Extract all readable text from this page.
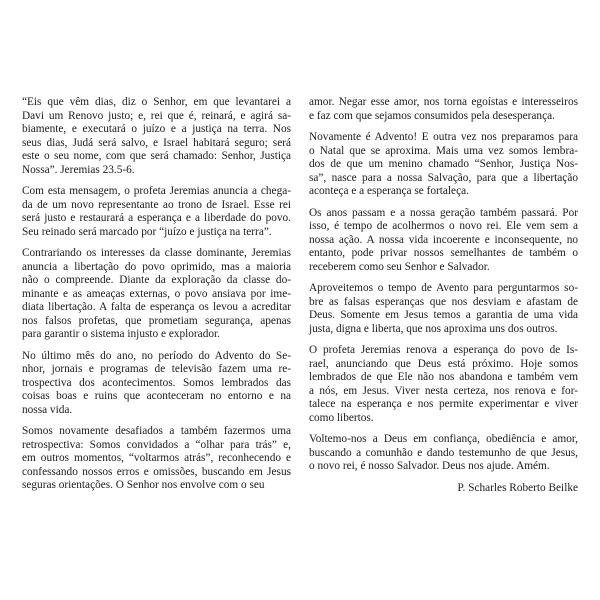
“Eis que vêm dias, diz o Senhor, em que levantarei a
Davi um Renovo justo; e, rei que é, reinará, e agirá sa-
biamente, e executará o juízo e a justiça na terra. Nos
seus dias, Judá será salvo, e Israel habitará seguro; será
este o seu nome, com que será chamado: Senhor, Justiça
Nossa”. Jeremias 23.5-6.
Com esta mensagem, o profeta Jeremias anuncia a chega-
da de um novo representante ao trono de Israel. Esse rei
será justo e restaurará a esperança e a liberdade do povo.
Seu reinado será marcado por “juízo e justiça na terra”.
Contrariando os interesses da classe dominante, Jeremias
anuncia a libertação do povo oprimido, mas a maioria
não o compreende. Diante da exploração da classe do-
minante e as ameaças externas, o povo ansiava por ime-
diata libertação. A falta de esperança os levou a acreditar
nos falsos profetas, que prometiam segurança, apenas
para garantir o sistema injusto e explorador.
No último mês do ano, no período do Advento do Se-
nhor, jornais e programas de televisão fazem uma re-
trospectiva dos acontecimentos. Somos lembrados das
coisas boas e ruins que aconteceram no entorno e na
nossa vida.
Somos novamente desafiados a também fazermos uma
retrospectiva: Somos convidados a “olhar para trás” e,
em outros momentos, “voltarmos atrás”, reconhecendo e
confessando nossos erros e omissões, buscando em Jesus
seguras orientações. O Senhor nos envolve com o seu
amor. Negar esse amor, nos torna egoístas e interesseiros
e faz com que sejamos consumidos pela desesperança.
Novamente é Advento! E outra vez nos preparamos para
o Natal que se aproxima. Mais uma vez somos lembra-
dos de que um menino chamado “Senhor, Justiça Nos-
sa”, nasce para a nossa Salvação, para que a libertação
aconteça e a esperança se fortaleça.
Os anos passam e a nossa geração também passará. Por
isso, é tempo de acolhermos o novo rei. Ele vem sem a
nossa ação. A nossa vida incoerente e inconsequente, no
entanto, pode privar nossos semelhantes de também o
receberem como seu Senhor e Salvador.
Aproveitemos o tempo de Avento para perguntarmos so-
bre as falsas esperanças que nos desviam e afastam de
Deus. Somente em Jesus temos a garantia de uma vida
justa, digna e liberta, que nos aproxima uns dos outros.
O profeta Jeremias renova a esperança do povo de Is-
rael, anunciando que Deus está próximo. Hoje somos
lembrados de que Ele não nos abandona e também vem
a nós, em Jesus. Viver nesta certeza, nos renova e for-
talece na esperança e nos permite experimentar e viver
como libertos.
Voltemo-nos a Deus em confiança, obediência e amor,
buscando a comunhão e dando testemunho de que Jesus,
o novo rei, é nosso Salvador. Deus nos ajude. Amém.
P. Scharles Roberto Beilke
